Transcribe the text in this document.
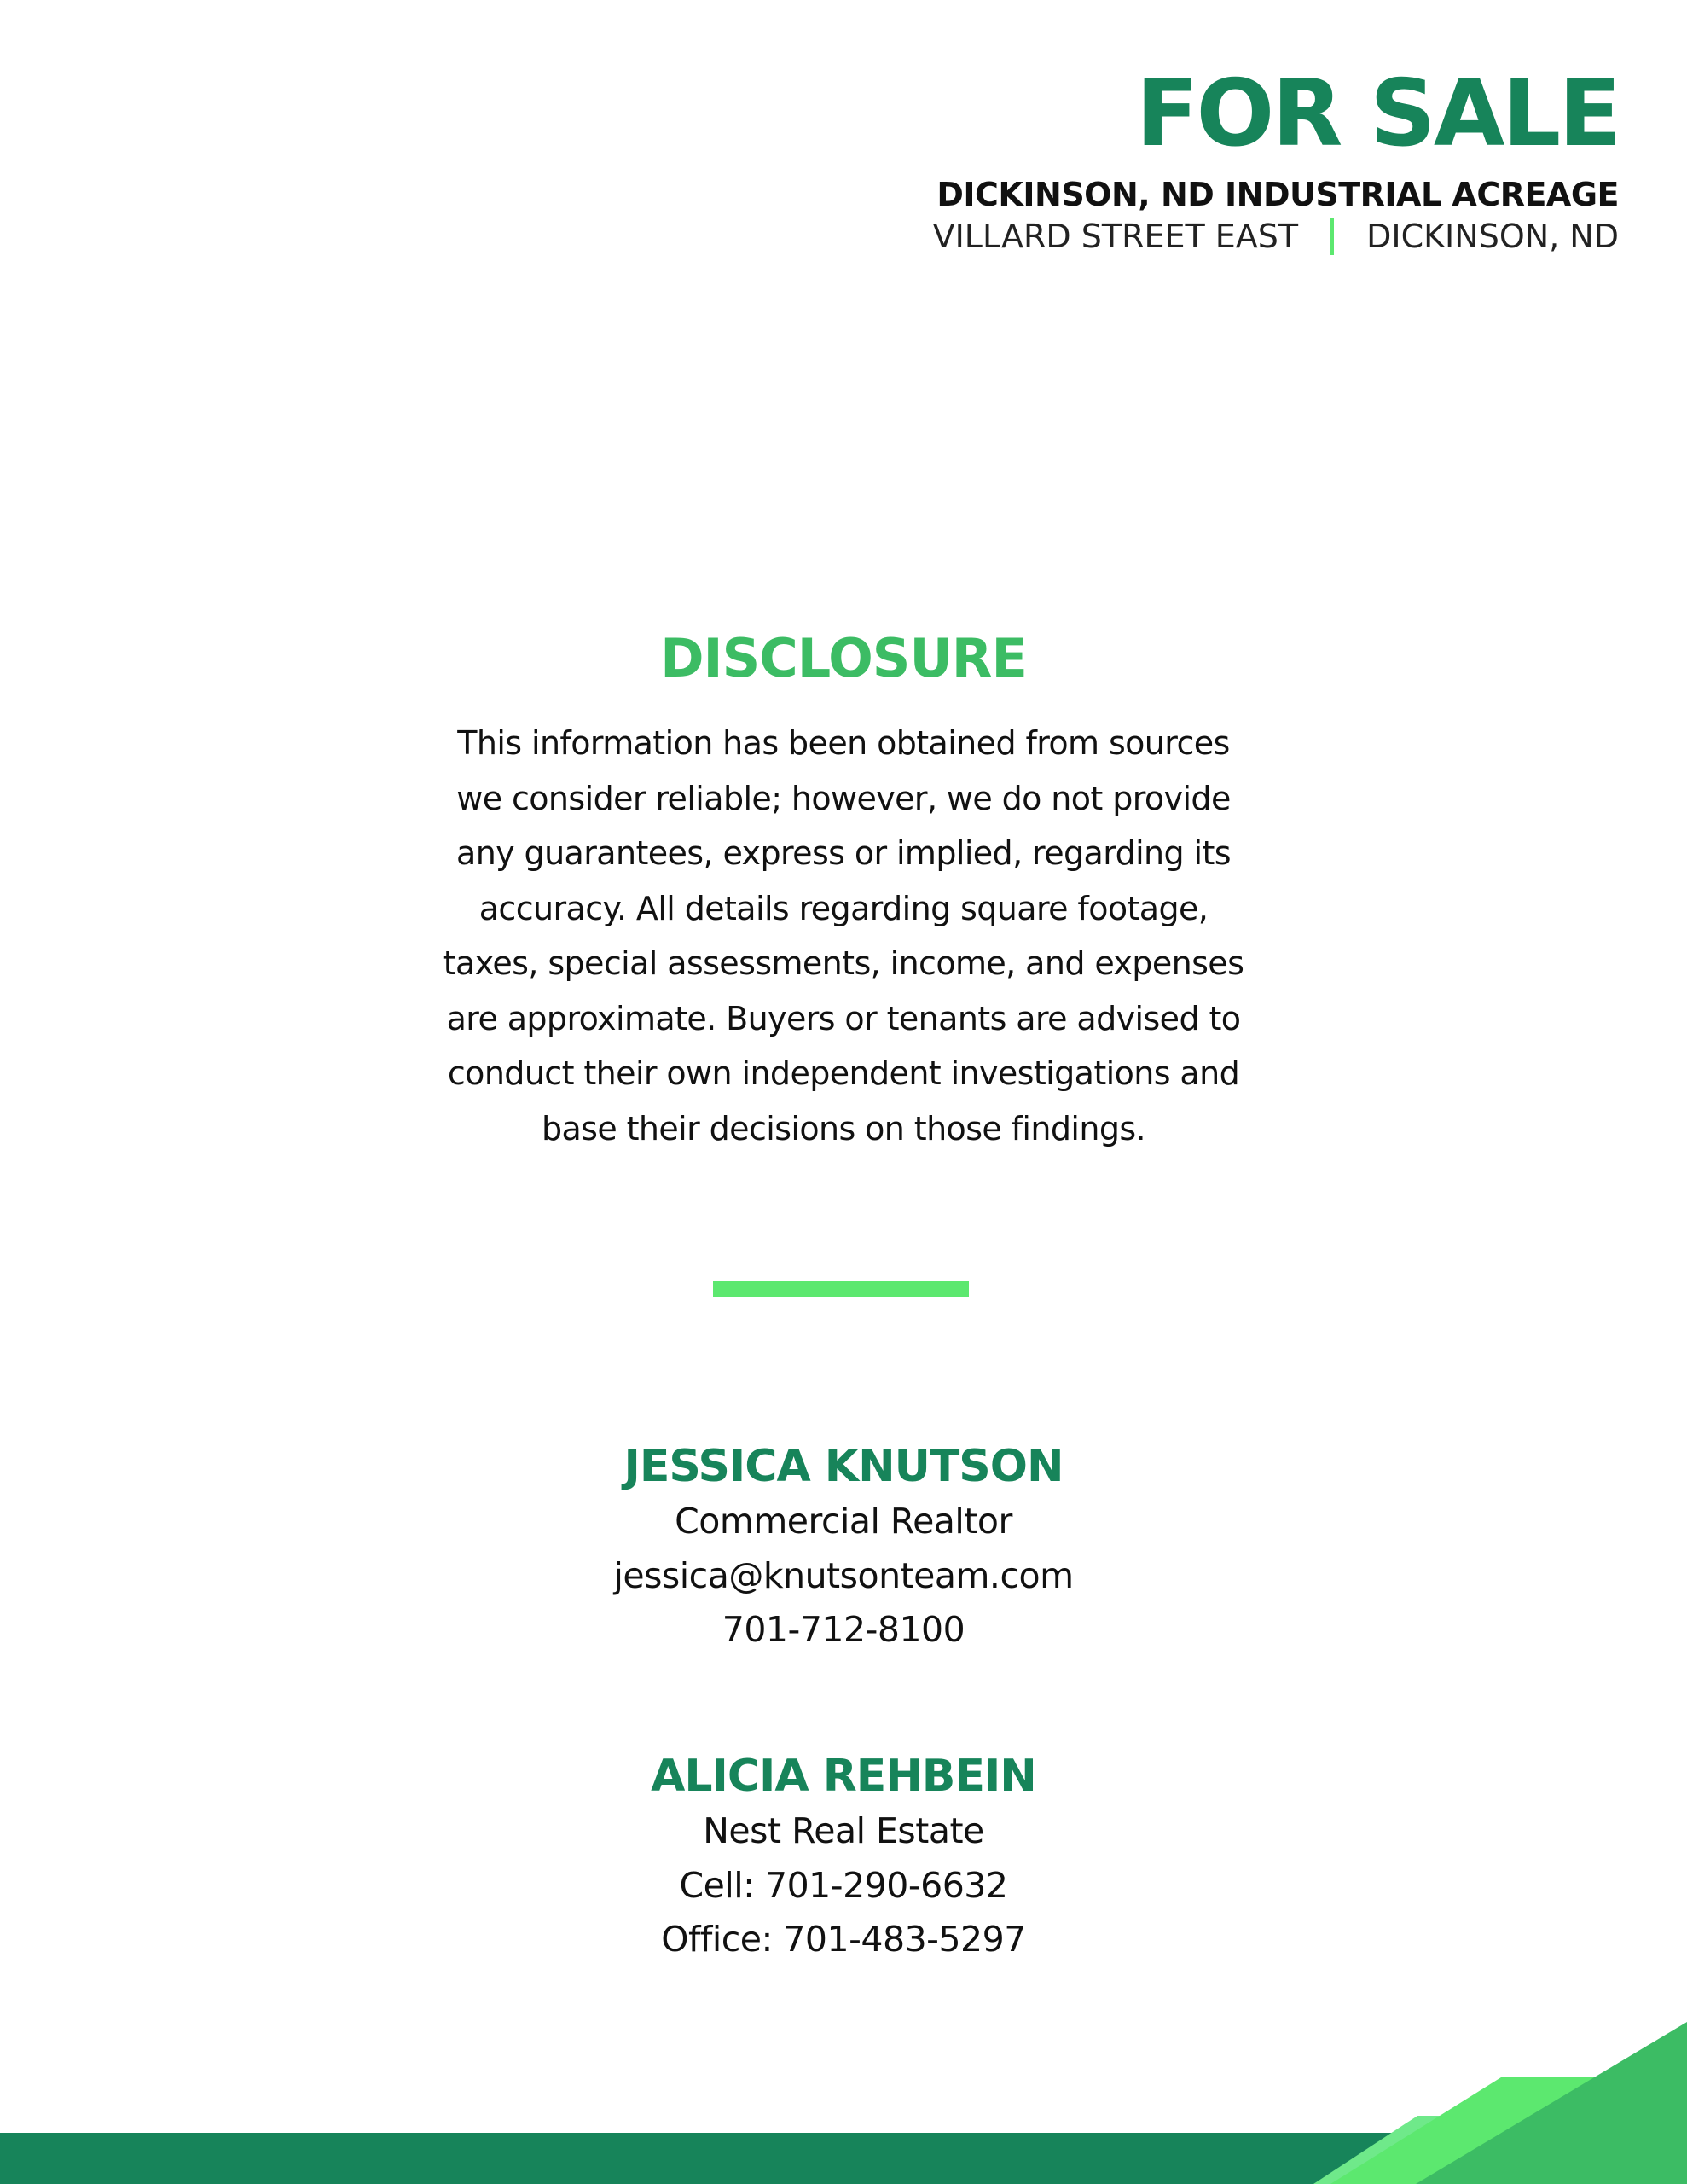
FOR SALE
DICKINSON, ND INDUSTRIAL ACREAGE
VILLARD STREET EAST DICKINSON, ND
DISCLOSURE
This information has been obtained from sources
we consider reliable; however, we do not provide
any guarantees, express or implied, regarding its
accuracy. All details regarding square footage,
taxes, special assessments, income, and expenses
are approximate. Buyers or tenants are advised to
conduct their own independent investigations and
base their decisions on those findings.
JESSICA KNUTSON
Commercial Realtor
jessica@knutsonteam.com
701-712-8100
ALICIA REHBEIN
Nest Real Estate
Cell: 701-290-6632
Office: 701-483-5297
